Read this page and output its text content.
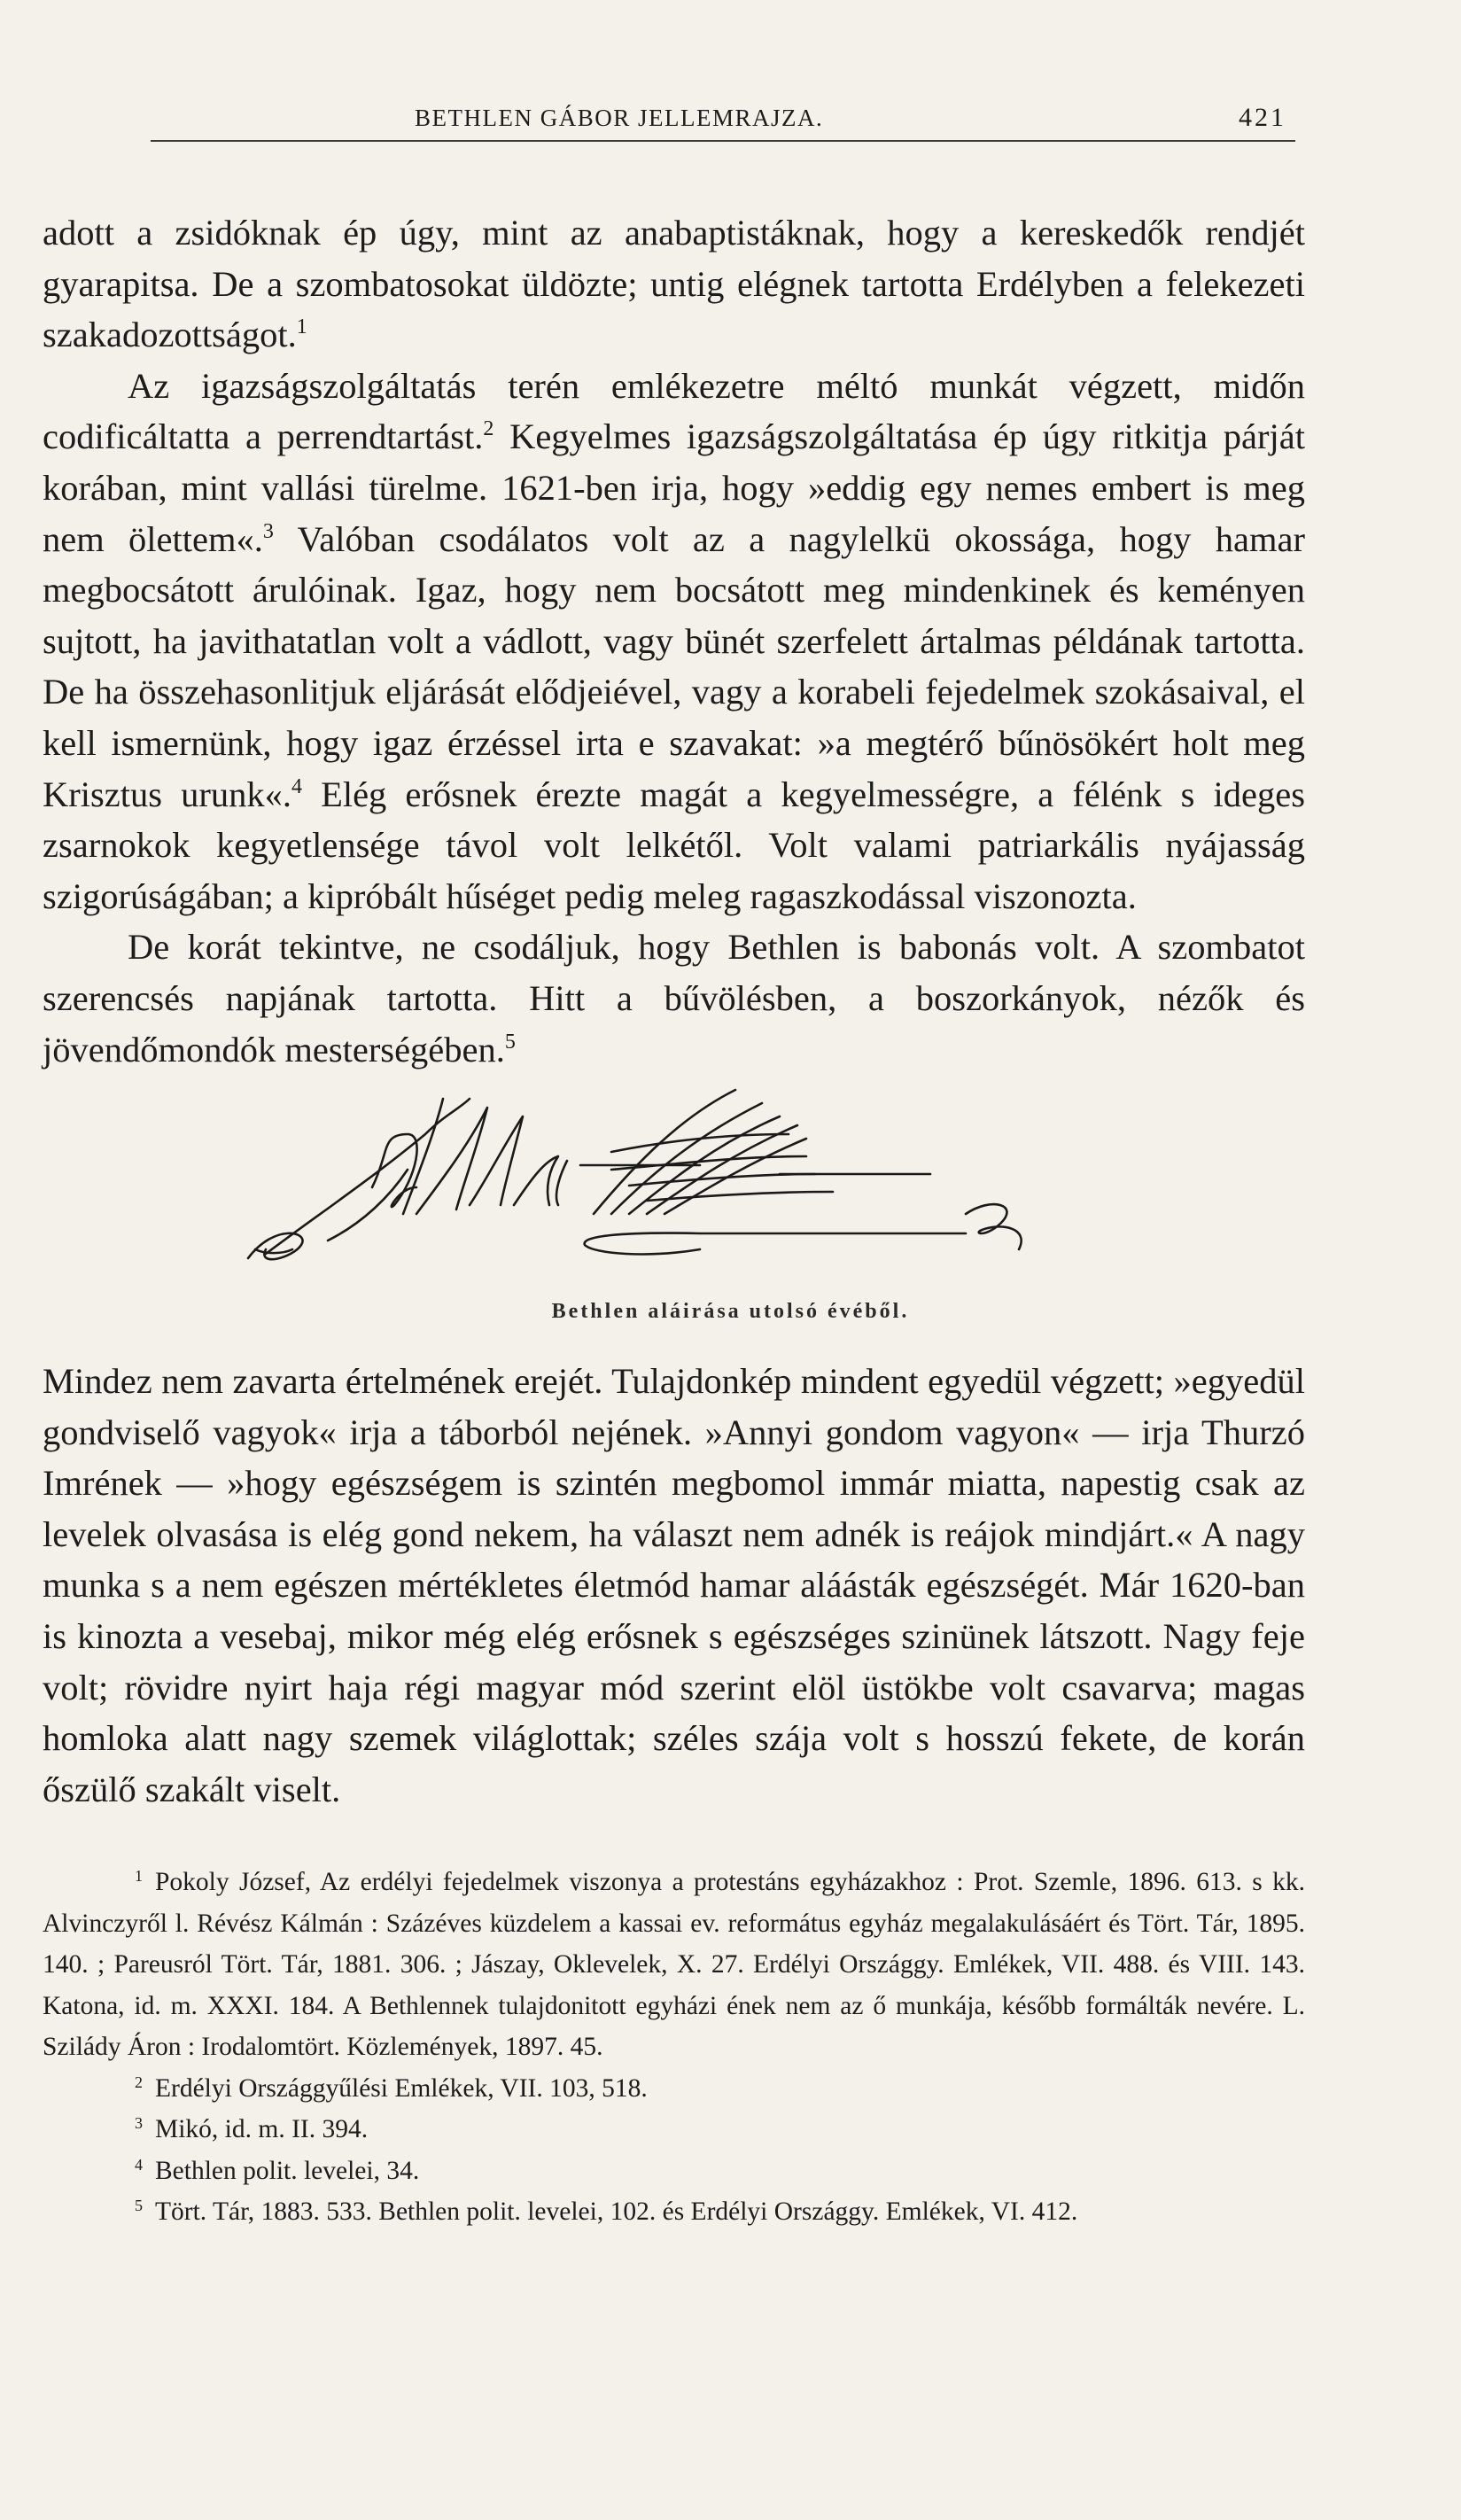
BETHLEN GÁBOR JELLEMRAJZA.	421

adott a zsidóknak ép úgy, mint az anabaptistáknak, hogy a kereskedők rendjét gyarapitsa. De a szombatosokat üldözte; untig elégnek tartotta Erdélyben a felekezeti szakadozottságot.$^1$

Az igazságszolgáltatás terén emlékezetre méltó munkát végzett, midőn codificáltatta a perrendtartást.$^2$ Kegyelmes igazságszolgáltatása ép úgy ritkitja párját korában, mint vallási türelme. 1621-ben irja, hogy »eddig egy nemes embert is meg nem ölettem«.$^3$ Valóban csodálatos volt az a nagylelkü okossága, hogy hamar megbocsátott árulóinak. Igaz, hogy nem bocsátott meg mindenkinek és keményen sujtott, ha javithatatlan volt a vádlott, vagy bünét szerfelett ártalmas példának tartotta. De ha összehasonlitjuk eljárását elődjeiével, vagy a korabeli fejedelmek szokásaival, el kell ismernünk, hogy igaz érzéssel irta e szavakat: »a megtérő bűnösökért holt meg Krisztus urunk«.$^4$ Elég erősnek érezte magát a kegyelmességre, a félénk s ideges zsarnokok kegyetlensége távol volt lelkétől. Volt valami patriarkális nyájasság szigorúságában; a kipróbált hűséget pedig meleg ragaszkodással viszonozta.

De korát tekintve, ne csodáljuk, hogy Bethlen is babonás volt. A szombatot szerencsés napjának tartotta. Hitt a bűvölésben, a boszorkányok, nézők és jövendőmondók mesterségében.$^5$

Bethlen aláirása utolsó évéből.

Mindez nem zavarta értelmének erejét. Tulajdonkép mindent egyedül végzett; »egyedül gondviselő vagyok« irja a táborból nejének. »Annyi gondom vagyon« — irja Thurzó Imrének — »hogy egészségem is szintén megbomol immár miatta, napestig csak az levelek olvasása is elég gond nekem, ha választ nem adnék is reájok mindjárt.« A nagy munka s a nem egészen mértékletes életmód hamar aláásták egészségét. Már 1620-ban is kinozta a vesebaj, mikor még elég erősnek s egészséges szinünek látszott. Nagy feje volt; rövidre nyirt haja régi magyar mód szerint elöl üstökbe volt csavarva; magas homloka alatt nagy szemek világlottak; széles szája volt s hosszú fekete, de korán őszülő szakált viselt.

$^1$ Pokoly József, Az erdélyi fejedelmek viszonya a protestáns egyházakhoz : Prot. Szemle, 1896. 613. s kk. Alvinczyről l. Révész Kálmán : Százéves küzdelem a kassai ev. református egyház megalakulásáért és Tört. Tár, 1895. 140. ; Pareusról Tört. Tár, 1881. 306. ; Jászay, Oklevelek, X. 27. Erdélyi Országgy. Emlékek, VII. 488. és VIII. 143. Katona, id. m. XXXI. 184. A Bethlennek tulajdonitott egyházi ének nem az ő munkája, később formálták nevére. L. Szilády Áron : Irodalomtört. Közlemények, 1897. 45.

$^2$ Erdélyi Országgyűlési Emlékek, VII. 103, 518.

$^3$ Mikó, id. m. II. 394.

$^4$ Bethlen polit. levelei, 34.

$^5$ Tört. Tár, 1883. 533. Bethlen polit. levelei, 102. és Erdélyi Országgy. Emlékek, VI. 412.
